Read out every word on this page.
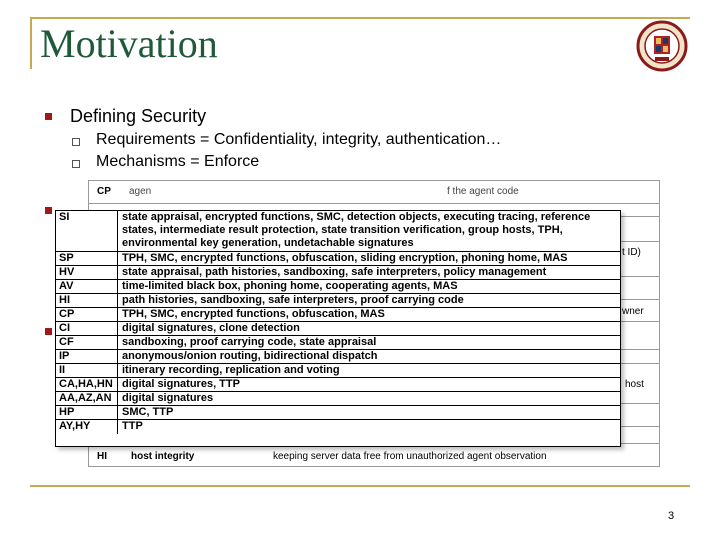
Motivation
Defining Security
Requirements = Confidentiality, integrity, authentication…
Mechanisms = Enforce
CP agen	f the agent code
HI host integrity	keeping server data free from unauthorized agent observation
t ID)
wner
host
SI	state appraisal, encrypted functions, SMC, detection objects, executing tracing, reference states, intermediate result protection, state transition verification, group hosts, TPH, environmental key generation, undetachable signatures
SP	TPH, SMC, encrypted functions, obfuscation, sliding encryption, phoning home, MAS
HV	state appraisal, path histories, sandboxing, safe interpreters, policy management
AV	time-limited black box, phoning home, cooperating agents, MAS
HI	path histories, sandboxing, safe interpreters, proof carrying code
CP	TPH, SMC, encrypted functions, obfuscation, MAS
CI	digital signatures, clone detection
CF	sandboxing, proof carrying code, state appraisal
IP	anonymous/onion routing, bidirectional dispatch
II	itinerary recording, replication and voting
CA,HA,HN digital signatures, TTP
AA,AZ,AN digital signatures
HP	SMC, TTP
AY,HY	TTP
3
